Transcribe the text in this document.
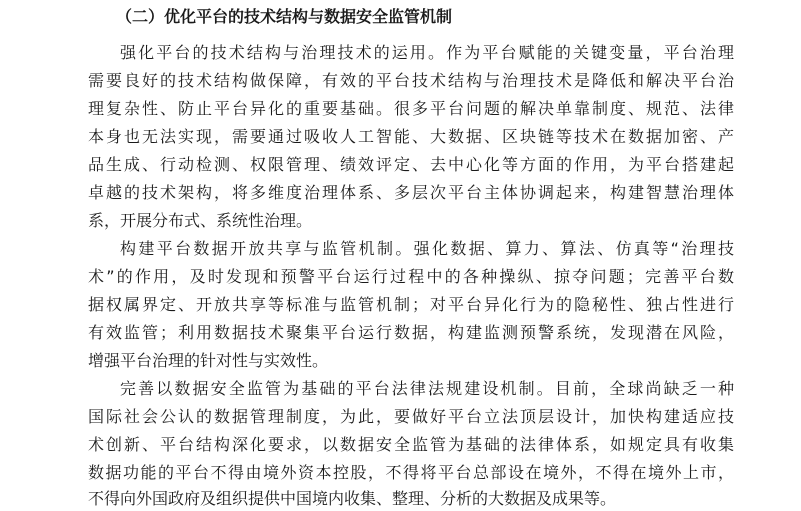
（二）优化平台的技术结构与数据安全监管机制

强化平台的技术结构与治理技术的运用。作为平台赋能的关键变量，平台治理

需要良好的技术结构做保障，有效的平台技术结构与治理技术是降低和解决平台治

理复杂性、防止平台异化的重要基础。很多平台问题的解决单靠制度、规范、法律

本身也无法实现，需要通过吸收人工智能、大数据、区块链等技术在数据加密、产

品生成、行动检测、权限管理、绩效评定、去中心化等方面的作用，为平台搭建起

卓越的技术架构，将多维度治理体系、多层次平台主体协调起来，构建智慧治理体

系，开展分布式、系统性治理。

构建平台数据开放共享与监管机制。强化数据、算力、算法、仿真等“治理技

术”的作用，及时发现和预警平台运行过程中的各种操纵、掠夺问题；完善平台数

据权属界定、开放共享等标准与监管机制；对平台异化行为的隐秘性、独占性进行

有效监管；利用数据技术聚集平台运行数据，构建监测预警系统，发现潜在风险，

增强平台治理的针对性与实效性。

完善以数据安全监管为基础的平台法律法规建设机制。目前，全球尚缺乏一种

国际社会公认的数据管理制度，为此，要做好平台立法顶层设计，加快构建适应技

术创新、平台结构深化要求，以数据安全监管为基础的法律体系，如规定具有收集

数据功能的平台不得由境外资本控股，不得将平台总部设在境外，不得在境外上市，

不得向外国政府及组织提供中国境内收集、整理、分析的大数据及成果等。
